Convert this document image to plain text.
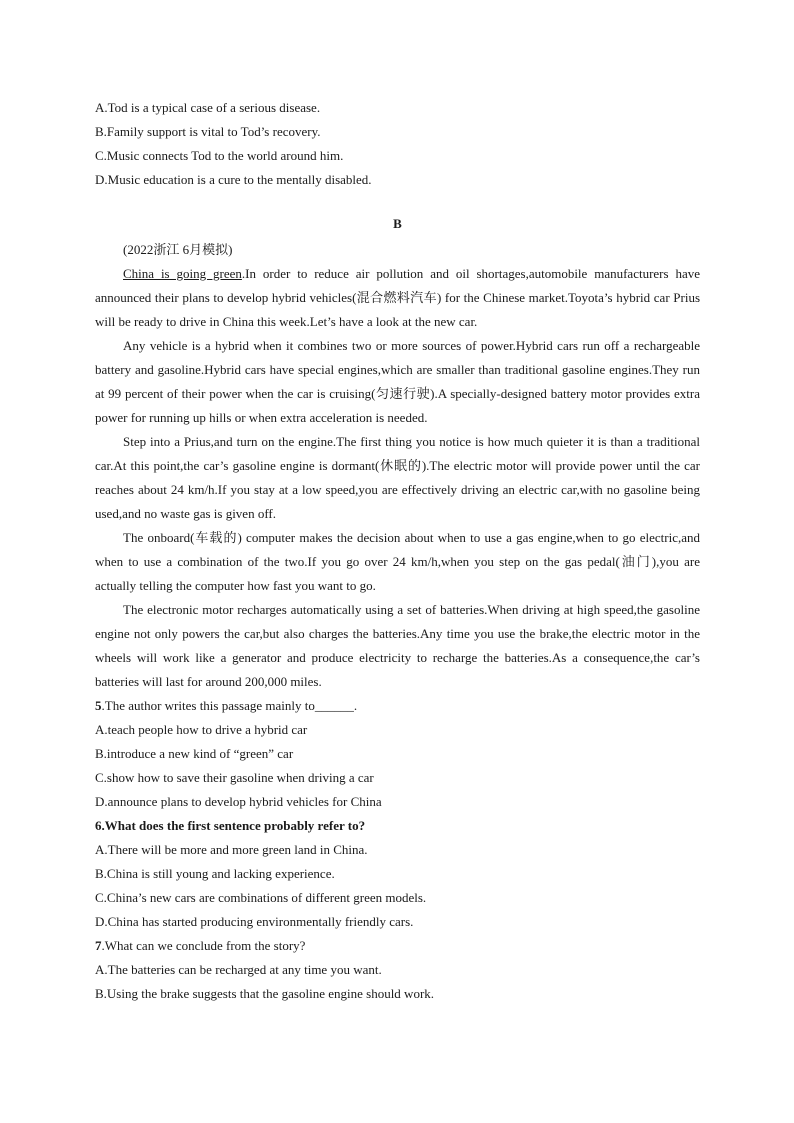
A.Tod is a typical case of a serious disease.
B.Family support is vital to Tod’s recovery.
C.Music connects Tod to the world around him.
D.Music education is a cure to the mentally disabled.
B
(2022浙江 6月模拟)
China is going green.In order to reduce air pollution and oil shortages,automobile manufacturers have announced their plans to develop hybrid vehicles(混合燃料汽车) for the Chinese market.Toyota’s hybrid car Prius will be ready to drive in China this week.Let’s have a look at the new car.
Any vehicle is a hybrid when it combines two or more sources of power.Hybrid cars run off a rechargeable battery and gasoline.Hybrid cars have special engines,which are smaller than traditional gasoline engines.They run at 99 percent of their power when the car is cruising(匀速行驶).A specially-designed battery motor provides extra power for running up hills or when extra acceleration is needed.
Step into a Prius,and turn on the engine.The first thing you notice is how much quieter it is than a traditional car.At this point,the car’s gasoline engine is dormant(休眠的).The electric motor will provide power until the car reaches about 24 km/h.If you stay at a low speed,you are effectively driving an electric car,with no gasoline being used,and no waste gas is given off.
The onboard(车载的) computer makes the decision about when to use a gas engine,when to go electric,and when to use a combination of the two.If you go over 24 km/h,when you step on the gas pedal(油门),you are actually telling the computer how fast you want to go.
The electronic motor recharges automatically using a set of batteries.When driving at high speed,the gasoline engine not only powers the car,but also charges the batteries.Any time you use the brake,the electric motor in the wheels will work like a generator and produce electricity to recharge the batteries.As a consequence,the car’s batteries will last for around 200,000 miles.
5.The author writes this passage mainly to______.
A.teach people how to drive a hybrid car
B.introduce a new kind of “green” car
C.show how to save their gasoline when driving a car
D.announce plans to develop hybrid vehicles for China
6.What does the first sentence probably refer to?
A.There will be more and more green land in China.
B.China is still young and lacking experience.
C.China’s new cars are combinations of different green models.
D.China has started producing environmentally friendly cars.
7.What can we conclude from the story?
A.The batteries can be recharged at any time you want.
B.Using the brake suggests that the gasoline engine should work.
